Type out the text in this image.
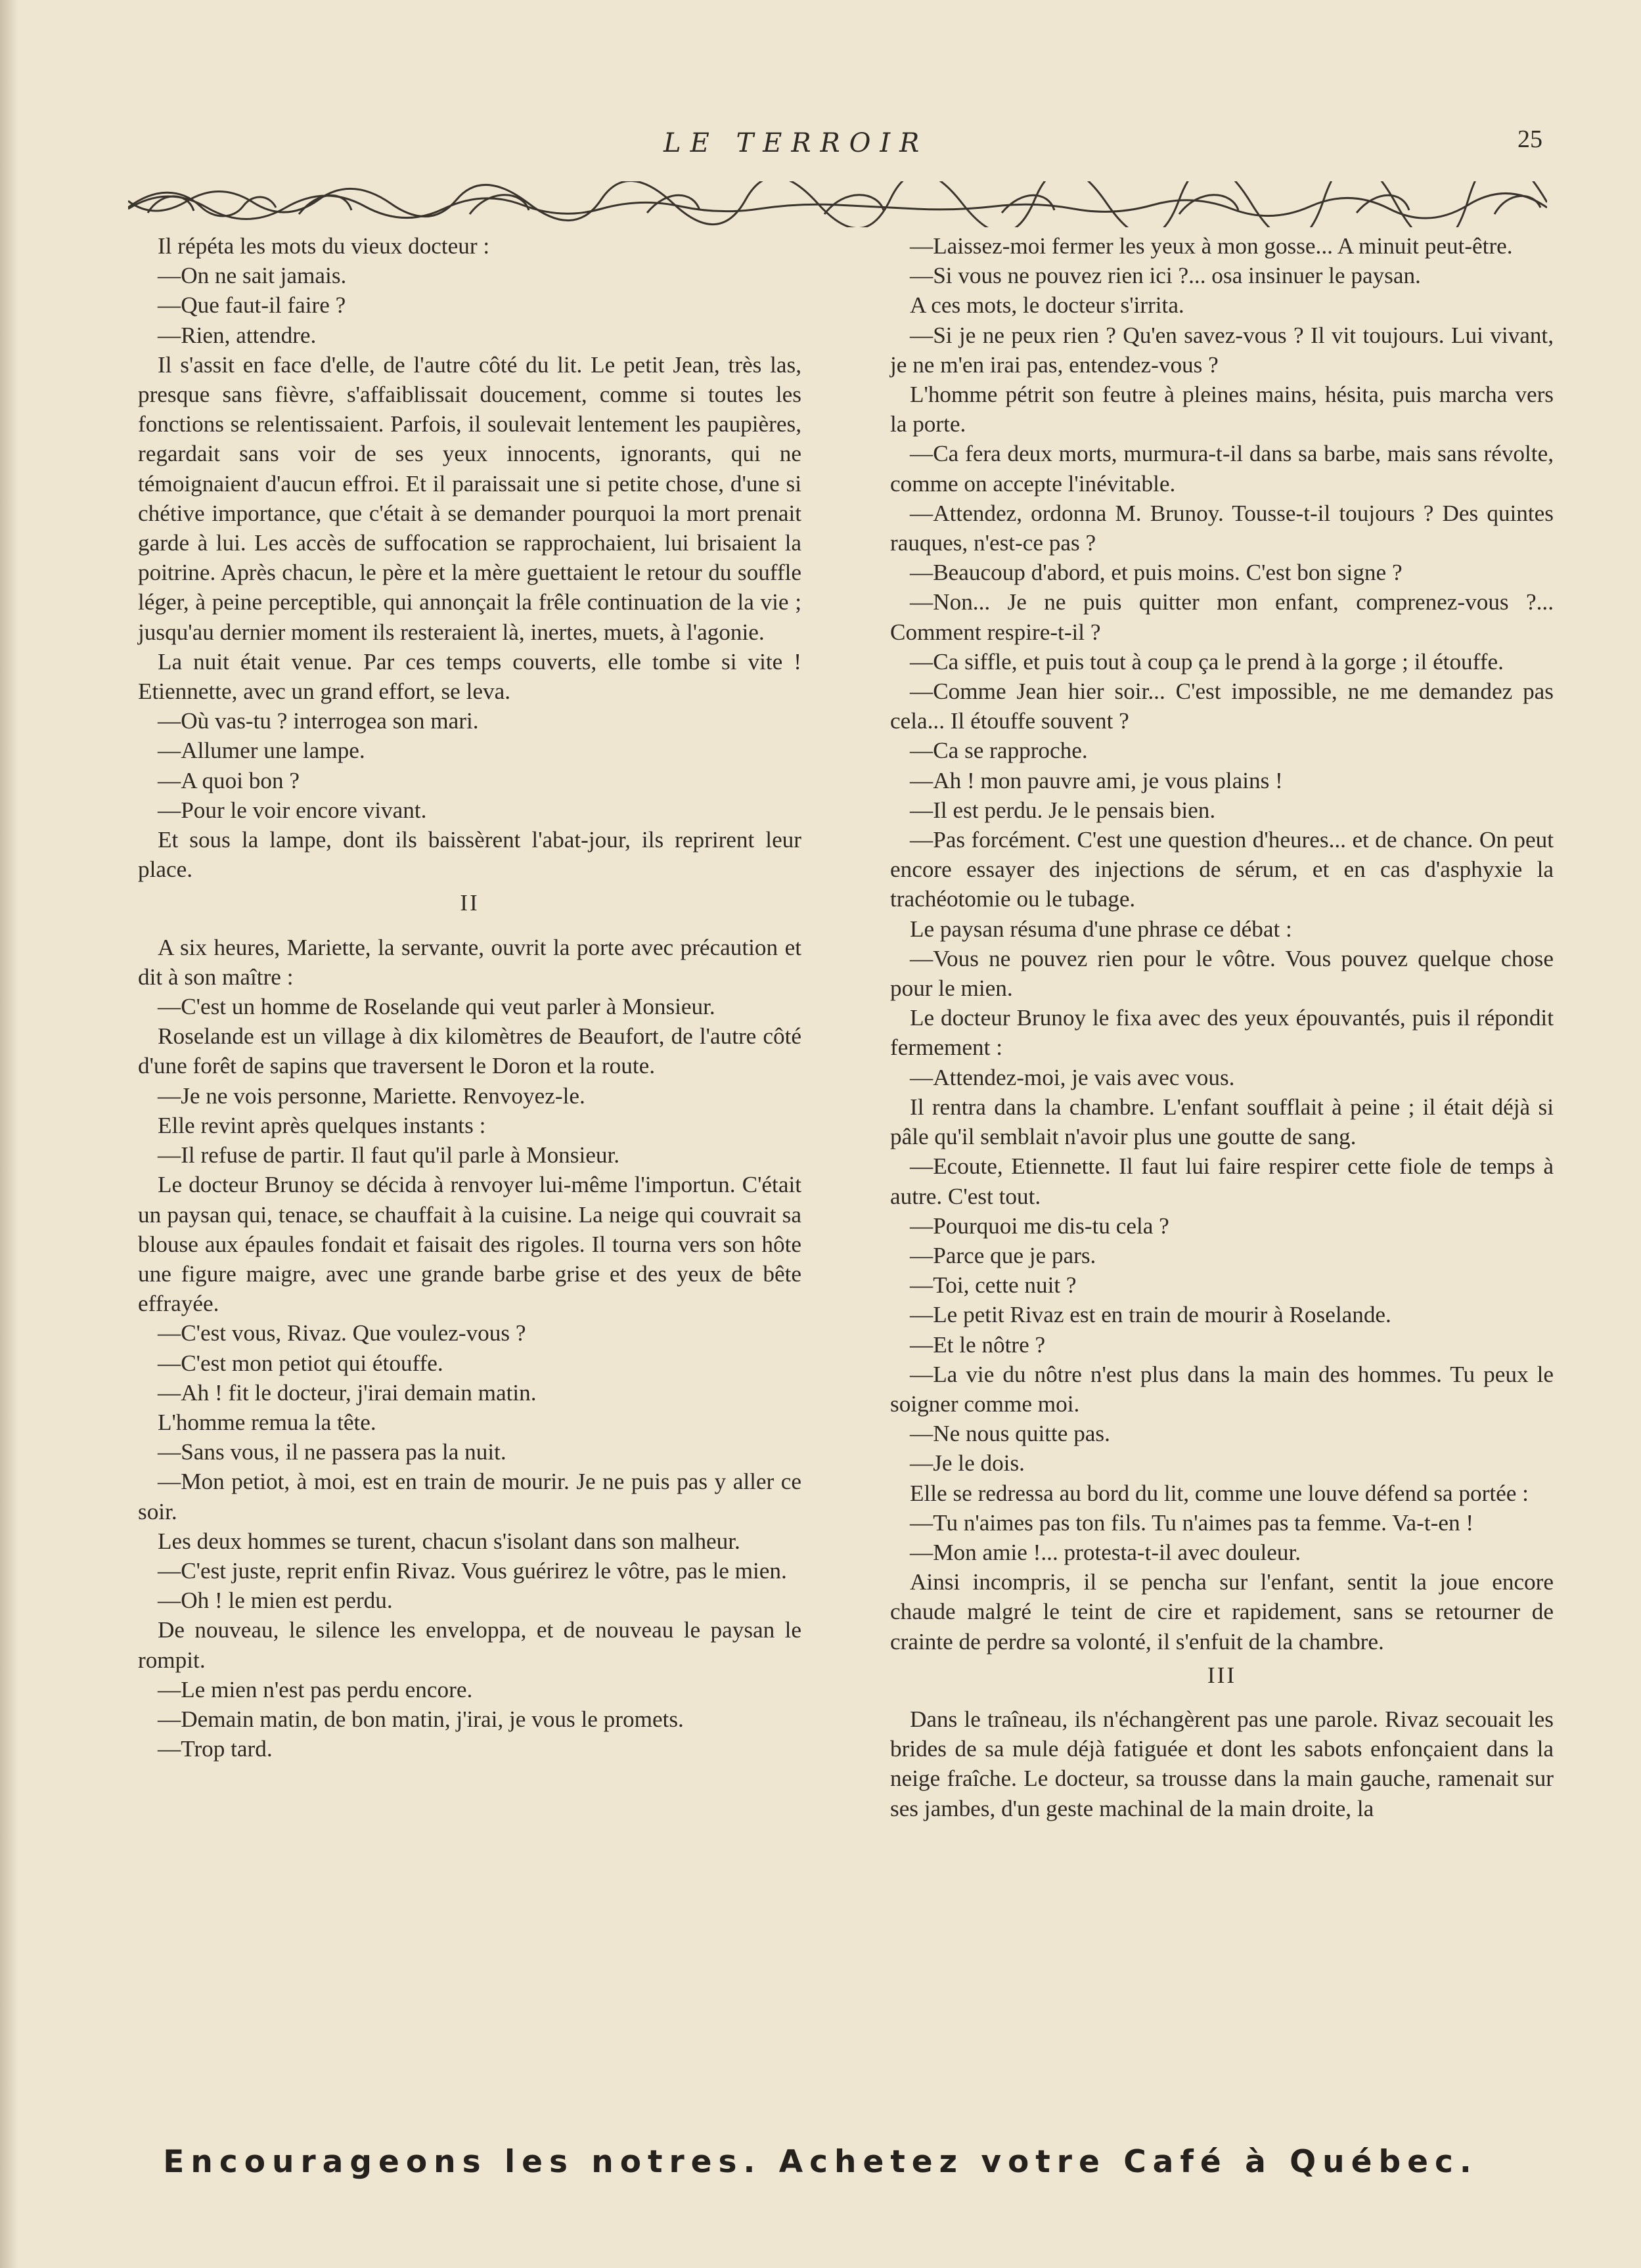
LE TERROIR	25

Il répéta les mots du vieux docteur :

—On ne sait jamais.

—Que faut-il faire ?

—Rien, attendre.

Il s'assit en face d'elle, de l'autre côté du lit. Le petit Jean, très las, presque sans fièvre, s'affaiblissait doucement, comme si toutes les fonctions se relentissaient. Parfois, il soulevait lentement les paupières, regardait sans voir de ses yeux innocents, ignorants, qui ne témoignaient d'aucun effroi. Et il paraissait une si petite chose, d'une si chétive importance, que c'était à se demander pourquoi la mort prenait garde à lui. Les accès de suffocation se rapprochaient, lui brisaient la poitrine. Après chacun, le père et la mère guettaient le retour du souffle léger, à peine perceptible, qui annonçait la frêle continuation de la vie ; jusqu'au dernier moment ils resteraient là, inertes, muets, à l'agonie.

La nuit était venue. Par ces temps couverts, elle tombe si vite ! Etiennette, avec un grand effort, se leva.

—Où vas-tu ? interrogea son mari.

—Allumer une lampe.

—A quoi bon ?

—Pour le voir encore vivant.

Et sous la lampe, dont ils baissèrent l'abat-jour, ils reprirent leur place.

II

A six heures, Mariette, la servante, ouvrit la porte avec précaution et dit à son maître :

—C'est un homme de Roselande qui veut parler à Monsieur.

Roselande est un village à dix kilomètres de Beaufort, de l'autre côté d'une forêt de sapins que traversent le Doron et la route.

—Je ne vois personne, Mariette. Renvoyez-le.

Elle revint après quelques instants :

—Il refuse de partir. Il faut qu'il parle à Monsieur.

Le docteur Brunoy se décida à renvoyer lui-même l'importun. C'était un paysan qui, tenace, se chauffait à la cuisine. La neige qui couvrait sa blouse aux épaules fondait et faisait des rigoles. Il tourna vers son hôte une figure maigre, avec une grande barbe grise et des yeux de bête effrayée.

—C'est vous, Rivaz. Que voulez-vous ?

—C'est mon petiot qui étouffe.

—Ah ! fit le docteur, j'irai demain matin.

L'homme remua la tête.

—Sans vous, il ne passera pas la nuit.

—Mon petiot, à moi, est en train de mourir. Je ne puis pas y aller ce soir.

Les deux hommes se turent, chacun s'isolant dans son malheur.

—C'est juste, reprit enfin Rivaz. Vous guérirez le vôtre, pas le mien.

—Oh ! le mien est perdu.

De nouveau, le silence les enveloppa, et de nouveau le paysan le rompit.

—Le mien n'est pas perdu encore.

—Demain matin, de bon matin, j'irai, je vous le promets.

—Trop tard.

—Laissez-moi fermer les yeux à mon gosse... A minuit peut-être.

—Si vous ne pouvez rien ici ?... osa insinuer le paysan.

A ces mots, le docteur s'irrita.

—Si je ne peux rien ? Qu'en savez-vous ? Il vit toujours. Lui vivant, je ne m'en irai pas, entendez-vous ?

L'homme pétrit son feutre à pleines mains, hésita, puis marcha vers la porte.

—Ca fera deux morts, murmura-t-il dans sa barbe, mais sans révolte, comme on accepte l'inévitable.

—Attendez, ordonna M. Brunoy. Tousse-t-il toujours ? Des quintes rauques, n'est-ce pas ?

—Beaucoup d'abord, et puis moins. C'est bon signe ?

—Non... Je ne puis quitter mon enfant, comprenez-vous ?... Comment respire-t-il ?

—Ca siffle, et puis tout à coup ça le prend à la gorge ; il étouffe.

—Comme Jean hier soir... C'est impossible, ne me demandez pas cela... Il étouffe souvent ?

—Ca se rapproche.

—Ah ! mon pauvre ami, je vous plains !

—Il est perdu. Je le pensais bien.

—Pas forcément. C'est une question d'heures... et de chance. On peut encore essayer des injections de sérum, et en cas d'asphyxie la trachéotomie ou le tubage.

Le paysan résuma d'une phrase ce débat :

—Vous ne pouvez rien pour le vôtre. Vous pouvez quelque chose pour le mien.

Le docteur Brunoy le fixa avec des yeux épouvantés, puis il répondit fermement :

—Attendez-moi, je vais avec vous.

Il rentra dans la chambre. L'enfant soufflait à peine ; il était déjà si pâle qu'il semblait n'avoir plus une goutte de sang.

—Ecoute, Etiennette. Il faut lui faire respirer cette fiole de temps à autre. C'est tout.

—Pourquoi me dis-tu cela ?

—Parce que je pars.

—Toi, cette nuit ?

—Le petit Rivaz est en train de mourir à Roselande.

—Et le nôtre ?

—La vie du nôtre n'est plus dans la main des hommes. Tu peux le soigner comme moi.

—Ne nous quitte pas.

—Je le dois.

Elle se redressa au bord du lit, comme une louve défend sa portée :

—Tu n'aimes pas ton fils. Tu n'aimes pas ta femme. Va-t-en !

—Mon amie !... protesta-t-il avec douleur.

Ainsi incompris, il se pencha sur l'enfant, sentit la joue encore chaude malgré le teint de cire et rapidement, sans se retourner de crainte de perdre sa volonté, il s'enfuit de la chambre.

III

Dans le traîneau, ils n'échangèrent pas une parole. Rivaz secouait les brides de sa mule déjà fatiguée et dont les sabots enfonçaient dans la neige fraîche. Le docteur, sa trousse dans la main gauche, ramenait sur ses jambes, d'un geste machinal de la main droite, la

Encourageons les notres. Achetez votre Café à Québec.
